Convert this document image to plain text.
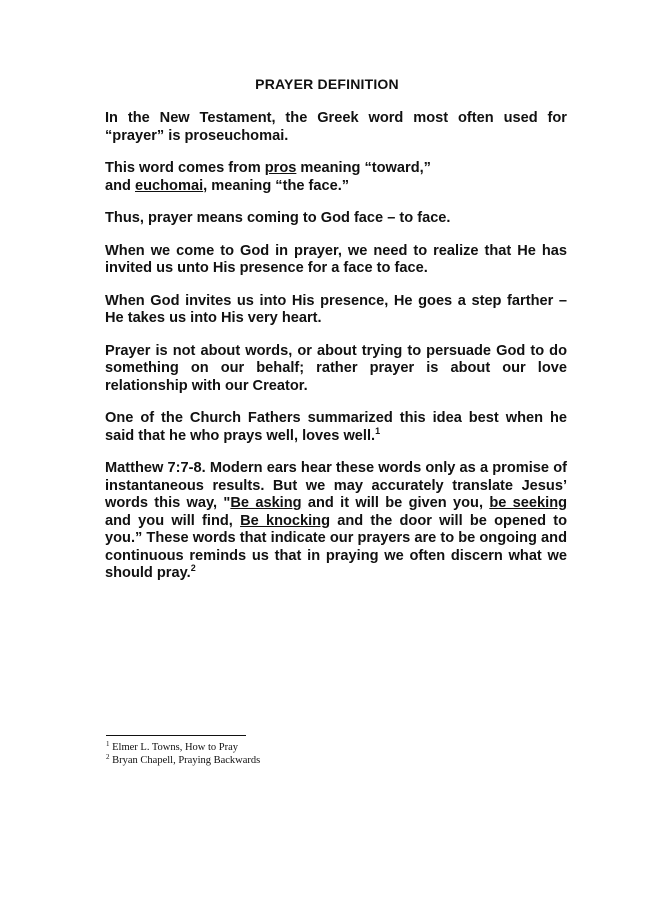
PRAYER DEFINITION

In the New Testament, the Greek word most often used for “prayer” is proseuchomai.

This word comes from pros meaning “toward,”
and euchomai, meaning “the face.”

Thus, prayer means coming to God face – to face.

When we come to God in prayer, we need to realize that He has invited us unto His presence for a face to face.

When God invites us into His presence, He goes a step farther – He takes us into His very heart.

Prayer is not about words, or about trying to persuade God to do something on our behalf; rather prayer is about our love relationship with our Creator.

One of the Church Fathers summarized this idea best when he said that he who prays well, loves well.$^1$

Matthew 7:7-8. Modern ears hear these words only as a promise of instantaneous results. But we may accurately translate Jesus’ words this way, "Be asking and it will be given you, be seeking and you will find, Be knocking and the door will be opened to you.” These words that indicate our prayers are to be ongoing and continuous reminds us that in praying we often discern what we should pray.$^2$

$^1$ Elmer L. Towns, How to Pray
$^2$ Bryan Chapell, Praying Backwards
